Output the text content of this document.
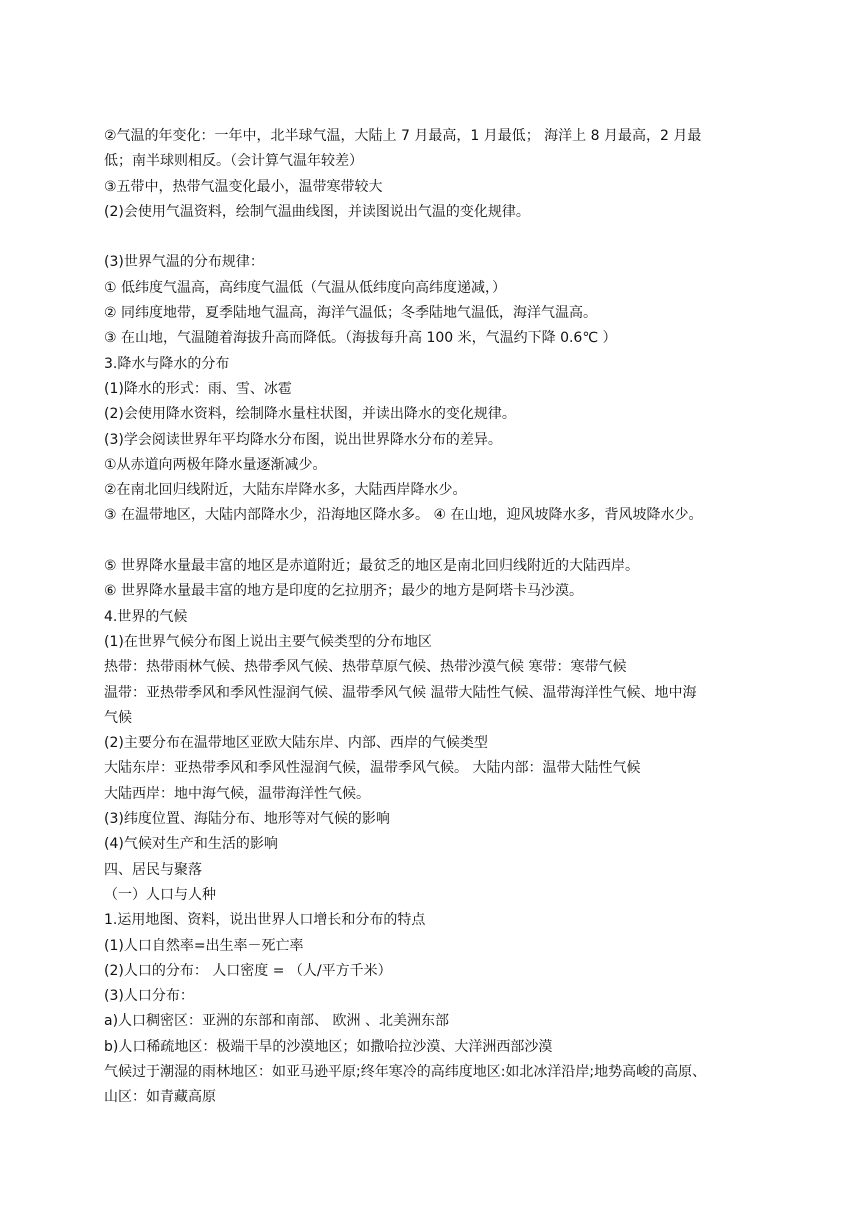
②气温的年变化：一年中，北半球气温，大陆上 7 月最高，1 月最低； 海洋上 8 月最高，2 月最
低；南半球则相反。（会计算气温年较差）
③五带中，热带气温变化最小，温带寒带较大
(2)会使用气温资料，绘制气温曲线图，并读图说出气温的变化规律。
(3)世界气温的分布规律：
① 低纬度气温高，高纬度气温低（气温从低纬度向高纬度递减，）
② 同纬度地带，夏季陆地气温高，海洋气温低；冬季陆地气温低，海洋气温高。
③ 在山地，气温随着海拔升高而降低。（海拔每升高 100 米，气温约下降 0.6℃ ）
3.降水与降水的分布
(1)降水的形式：雨、雪、冰雹
(2)会使用降水资料，绘制降水量柱状图，并读出降水的变化规律。
(3)学会阅读世界年平均降水分布图，说出世界降水分布的差异。
①从赤道向两极年降水量逐渐减少。
②在南北回归线附近，大陆东岸降水多，大陆西岸降水少。
③ 在温带地区，大陆内部降水少，沿海地区降水多。 ④ 在山地，迎风坡降水多，背风坡降水少。
⑤ 世界降水量最丰富的地区是赤道附近；最贫乏的地区是南北回归线附近的大陆西岸。
⑥ 世界降水量最丰富的地方是印度的乞拉朋齐；最少的地方是阿塔卡马沙漠。
4.世界的气候
(1)在世界气候分布图上说出主要气候类型的分布地区
热带：热带雨林气候、热带季风气候、热带草原气候、热带沙漠气候 寒带：寒带气候
温带：亚热带季风和季风性湿润气候、温带季风气候 温带大陆性气候、温带海洋性气候、地中海
气候
(2)主要分布在温带地区亚欧大陆东岸、内部、西岸的气候类型
大陆东岸：亚热带季风和季风性湿润气候，温带季风气候。 大陆内部：温带大陆性气候
大陆西岸：地中海气候，温带海洋性气候。
(3)纬度位置、海陆分布、地形等对气候的影响
(4)气候对生产和生活的影响
四、居民与聚落
（一）人口与人种
1.运用地图、资料，说出世界人口增长和分布的特点
(1)人口自然率=出生率－死亡率
(2)人口的分布： 人口密度 = （人/平方千米）
(3)人口分布：
a)人口稠密区：亚洲的东部和南部、 欧洲 、北美洲东部
b)人口稀疏地区：极端干旱的沙漠地区；如撒哈拉沙漠、大洋洲西部沙漠
气候过于潮湿的雨林地区：如亚马逊平原;终年寒冷的高纬度地区:如北冰洋沿岸;地势高峻的高原、
山区：如青藏高原
